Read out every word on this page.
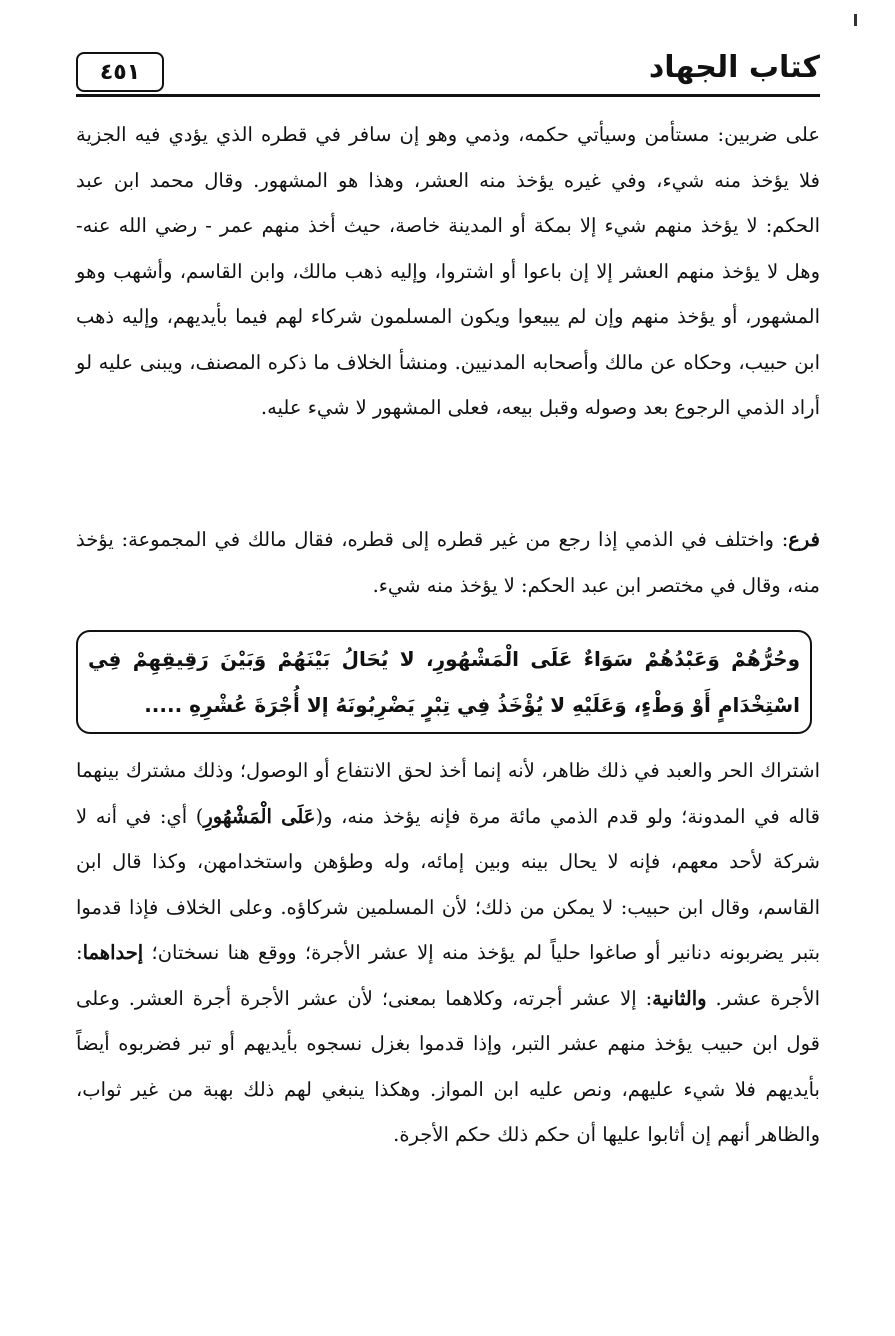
كتاب الجهاد
٤٥١

على ضربين: مستأمن وسيأتي حكمه، وذمي وهو إن سافر في قطره الذي يؤدي فيه الجزية فلا يؤخذ منه شيء، وفي غيره يؤخذ منه العشر، وهذا هو المشهور. وقال محمد ابن عبد الحكم: لا يؤخذ منهم شيء إلا بمكة أو المدينة خاصة، حيث أخذ منهم عمر - رضي الله عنه- وهل لا يؤخذ منهم العشر إلا إن باعوا أو اشتروا، وإليه ذهب مالك، وابن القاسم، وأشهب وهو المشهور، أو يؤخذ منهم وإن لم يبيعوا ويكون المسلمون شركاء لهم فيما بأيديهم، وإليه ذهب ابن حبيب، وحكاه عن مالك وأصحابه المدنيين. ومنشأ الخلاف ما ذكره المصنف، ويبنى عليه لو أراد الذمي الرجوع بعد وصوله وقبل بيعه، فعلى المشهور لا شيء عليه.

فرع: واختلف في الذمي إذا رجع من غير قطره إلى قطره، فقال مالك في المجموعة: يؤخذ منه، وقال في مختصر ابن عبد الحكم: لا يؤخذ منه شيء.

وحُرُّهُمْ وَعَبْدُهُمْ سَوَاءٌ عَلَى الْمَشْهُورِ، لا يُحَالُ بَيْنَهُمْ وَبَيْنَ رَقِيقِهِمْ فِي اسْتِخْدَامٍ أَوْ وَطْءٍ، وَعَلَيْهِ لا يُؤْخَذُ فِي تِبْرٍ يَضْرِبُونَهُ إلا أُجْرَةَ عُشْرِهِ .....

اشتراك الحر والعبد في ذلك ظاهر، لأنه إنما أخذ لحق الانتفاع أو الوصول؛ وذلك مشترك بينهما قاله في المدونة؛ ولو قدم الذمي مائة مرة فإنه يؤخذ منه، و(عَلَى الْمَشْهُورِ) أي: في أنه لا شركة لأحد معهم، فإنه لا يحال بينه وبين إمائه، وله وطؤهن واستخدامهن، وكذا قال ابن القاسم، وقال ابن حبيب: لا يمكن من ذلك؛ لأن المسلمين شركاؤه. وعلى الخلاف فإذا قدموا بتبر يضربونه دنانير أو صاغوا حلياً لم يؤخذ منه إلا عشر الأجرة؛ ووقع هنا نسختان؛ إحداهما: الأجرة عشر. والثانية: إلا عشر أجرته، وكلاهما بمعنى؛ لأن عشر الأجرة أجرة العشر. وعلى قول ابن حبيب يؤخذ منهم عشر التبر، وإذا قدموا بغزل نسجوه بأيديهم أو تبر فضربوه أيضاً بأيديهم فلا شيء عليهم، ونص عليه ابن المواز. وهكذا ينبغي لهم ذلك بهبة من غير ثواب، والظاهر أنهم إن أثابوا عليها أن حكم ذلك حكم الأجرة.
